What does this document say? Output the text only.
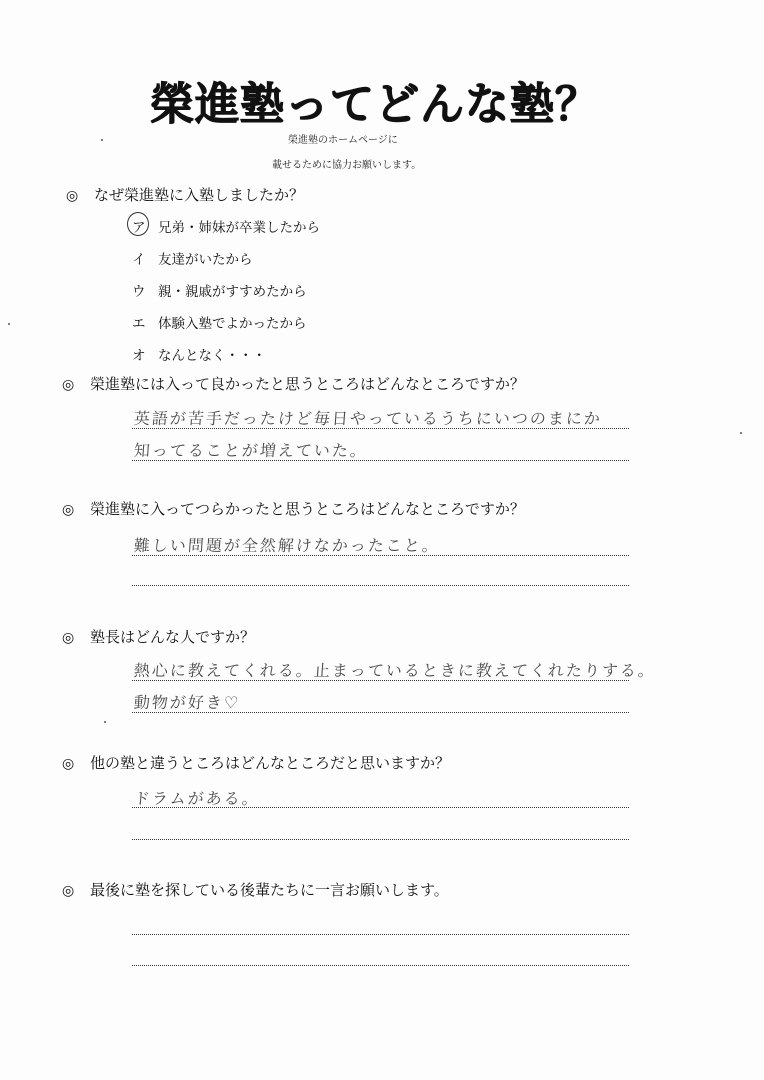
榮進塾ってどんな塾？
榮進塾のホームページに
載せるために協力お願いします。
◎ なぜ榮進塾に入塾しましたか？
ア 兄弟・姉妹が卒業したから
イ 友達がいたから
ウ 親・親戚がすすめたから
エ 体験入塾でよかったから
オ なんとなく・・・
◎ 榮進塾には入って良かったと思うところはどんなところですか？
英語が苦手だったけど毎日やっているうちにいつのまにか
知ってることが増えていた。
◎ 榮進塾に入ってつらかったと思うところはどんなところですか？
難しい問題が全然解けなかったこと。
◎ 塾長はどんな人ですか？
熱心に教えてくれる。止まっているときに教えてくれたりする。
動物が好き♡
◎ 他の塾と違うところはどんなところだと思いますか？
ドラムがある。
◎ 最後に塾を探している後輩たちに一言お願いします。
